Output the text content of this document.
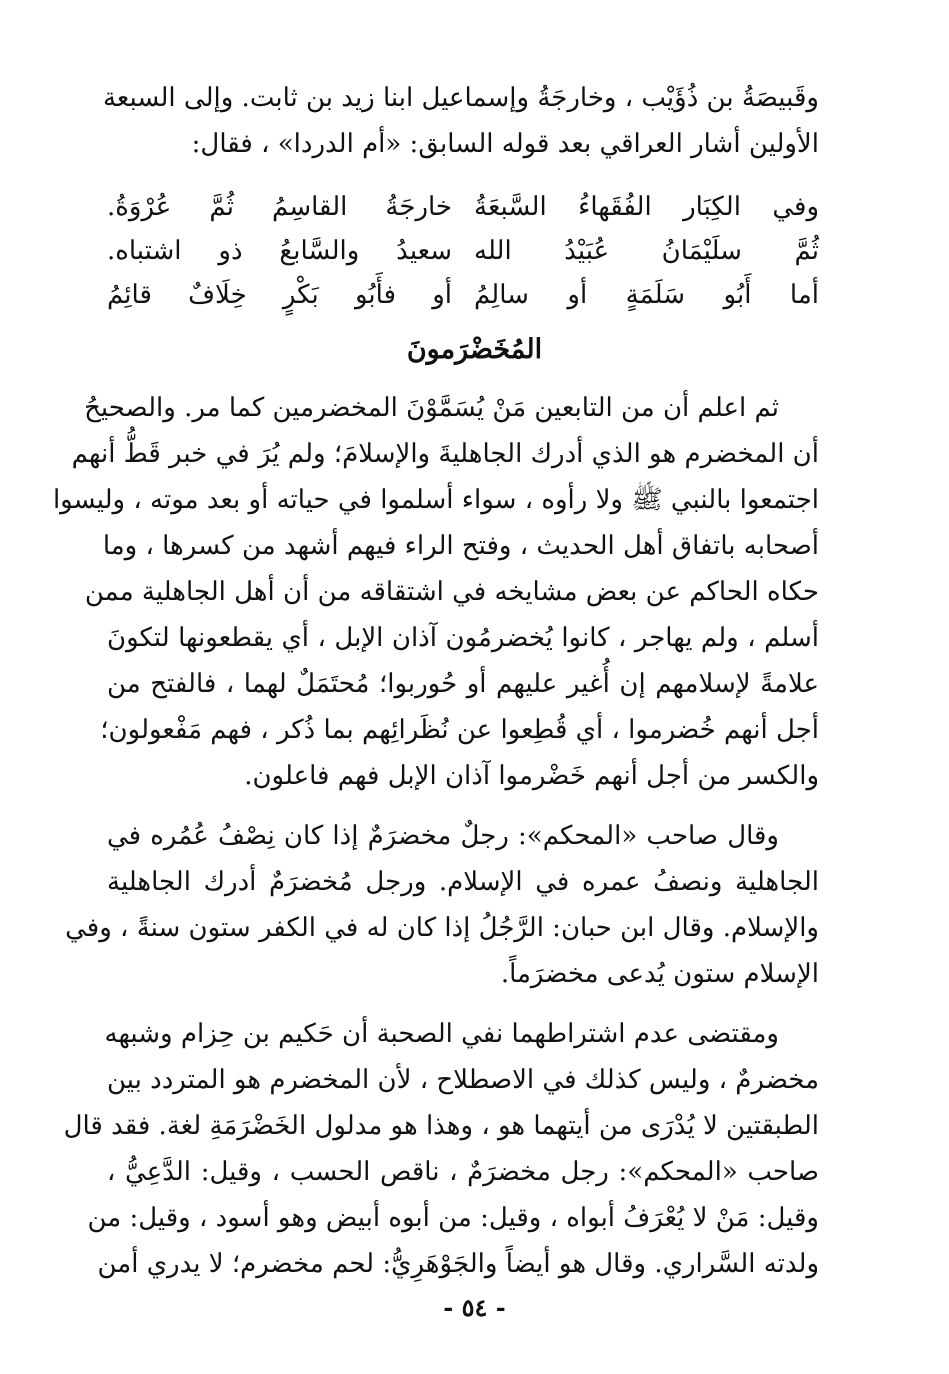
وقَبيصَةُ بن ذُؤَيْب ، وخارجَةُ وإسماعيل ابنا زيد بن ثابت. وإلى السبعة
الأولين أشار العراقي بعد قوله السابق: «أم الدردا» ، فقال:
وفي الكِبَار الفُقَهاءُ السَّبعَةُ
خارجَةُ القاسِمُ ثُمَّ عُرْوَةُ.
ثُمَّ سلَيْمَانُ عُبَيْدُ الله
سعيدُ والسَّابعُ ذو اشتباه.
أما أَبُو سَلَمَةٍ أو سالِمُ
أو فأَبُو بَكْرٍ خِلَافٌ قائِمُ
المُخَضْرَمونَ
ثم اعلم أن من التابعين مَنْ يُسَمَّوْنَ المخضرمين كما مر. والصحيحُ
أن المخضرم هو الذي أدرك الجاهليةَ والإسلامَ؛ ولم يُرَ في خبر قَطُّ أنهم
اجتمعوا بالنبي ﷺ ولا رأوه ، سواء أسلموا في حياته أو بعد موته ، وليسوا
أصحابه باتفاق أهل الحديث ، وفتح الراء فيهم أشهد من كسرها ، وما
حكاه الحاكم عن بعض مشايخه في اشتقاقه من أن أهل الجاهلية ممن
أسلم ، ولم يهاجر ، كانوا يُخضرمُون آذان الإبل ، أي يقطعونها لتكونَ
علامةً لإسلامهم إن أُغير عليهم أو حُوربوا؛ مُحتَمَلٌ لهما ، فالفتح من
أجل أنهم خُضرموا ، أي قُطِعوا عن نُظَرائِهم بما ذُكر ، فهم مَفْعولون؛
والكسر من أجل أنهم خَضْرموا آذان الإبل فهم فاعلون.
وقال صاحب «المحكم»: رجلٌ مخضرَمٌ إذا كان نِصْفُ عُمُره في
الجاهلية ونصفُ عمره في الإسلام. ورجل مُخضرَمٌ أدرك الجاهلية
والإسلام. وقال ابن حبان: الرَّجُلُ إذا كان له في الكفر ستون سنةً ، وفي
الإسلام ستون يُدعى مخضرَماً.
ومقتضى عدم اشتراطهما نفي الصحبة أن حَكيم بن حِزام وشبهه
مخضرمٌ ، وليس كذلك في الاصطلاح ، لأن المخضرم هو المتردد بين
الطبقتين لا يُدْرَى من أيتهما هو ، وهذا هو مدلول الخَضْرَمَةِ لغة. فقد قال
صاحب «المحكم»: رجل مخضرَمٌ ، ناقص الحسب ، وقيل: الدَّعِيُّ ،
وقيل: مَنْ لا يُعْرَفُ أبواه ، وقيل: من أبوه أبيض وهو أسود ، وقيل: من
ولدته السَّراري. وقال هو أيضاً والجَوْهَرِيُّ: لحم مخضرم؛ لا يدري أمن
- ٥٤ -
